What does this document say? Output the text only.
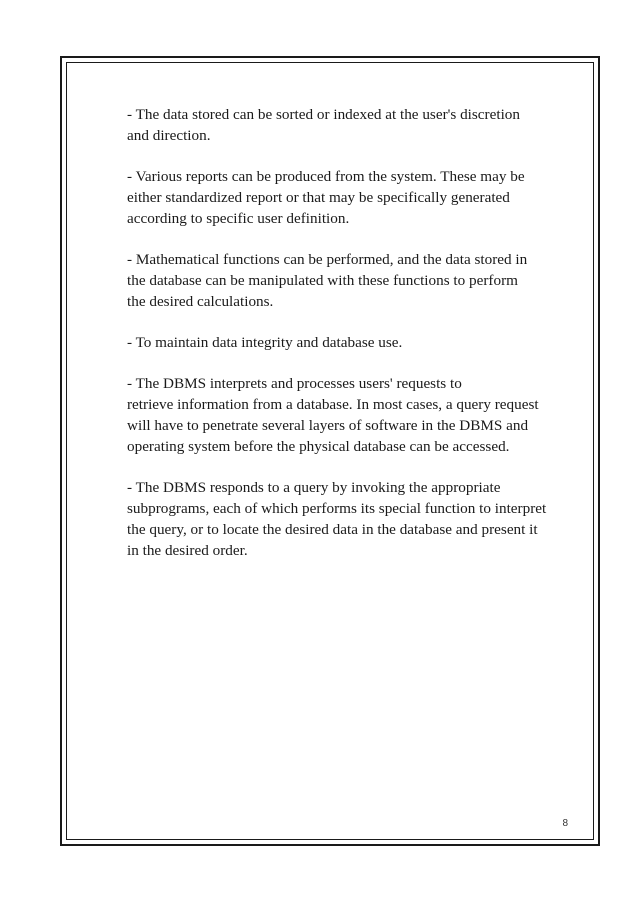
- The data stored can be sorted or indexed at the user's discretion
and direction.

- Various reports can be produced from the system. These may be
either standardized report or that may be specifically generated
according to specific user definition.

- Mathematical functions can be performed, and the data stored in
the database can be manipulated with these functions to perform
the desired calculations.

- To maintain data integrity and database use.

- The DBMS interprets and processes users' requests to
retrieve information from a database. In most cases, a query request
will have to penetrate several layers of software in the DBMS and
operating system before the physical database can be accessed.

- The DBMS responds to a query by invoking the appropriate
subprograms, each of which performs its special function to interpret
the query, or to locate the desired data in the database and present it
in the desired order.

8
